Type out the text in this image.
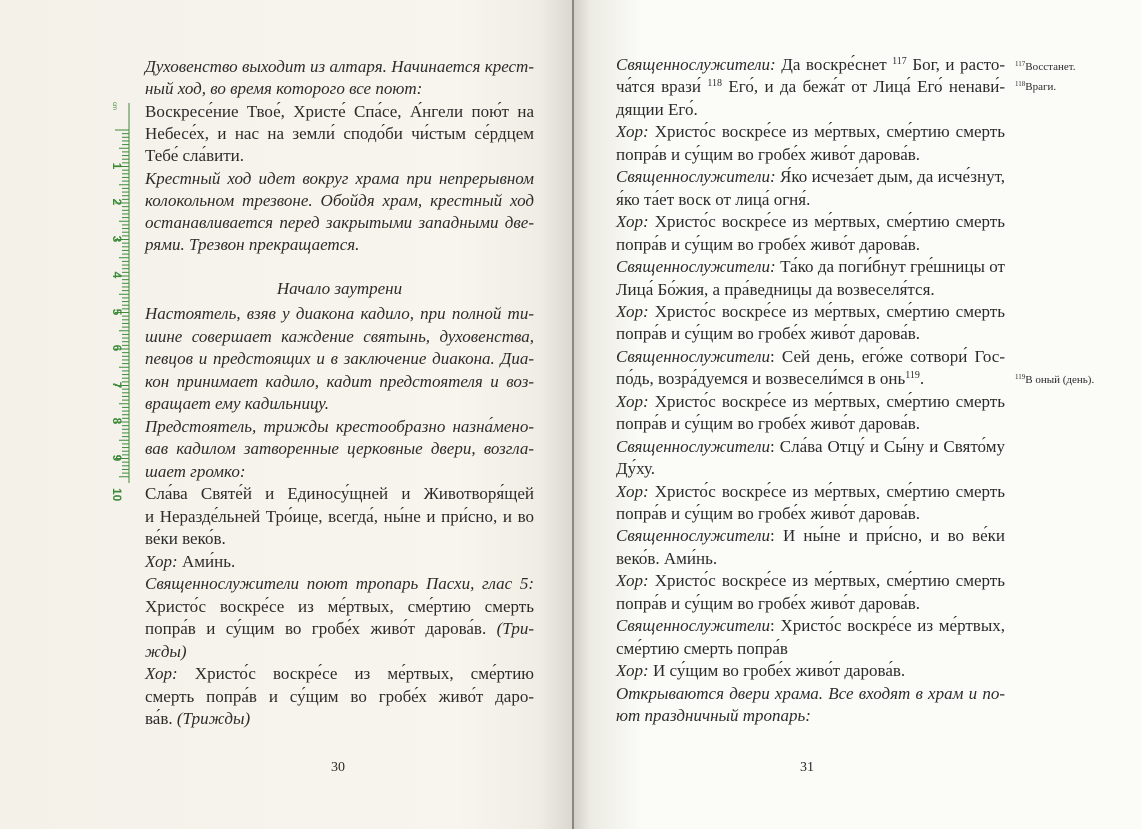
cm
1
2
3
4
5
6
7
8
9
10
Духовенство выходит из алтаря. Начинается крест-
ный ход, во время которого все поют:
Воскресе́ние Твое́, Христе́ Спа́се, А́нгели пою́т на
Небесе́х, и нас на земли́ сподо́би чи́стым се́рдцем
Тебе́ сла́вити.
Крестный ход идет вокруг храма при непрерывном
колокольном трезвоне. Обойдя храм, крестный ход
останавливается перед закрытыми западными две-
рями. Трезвон прекращается.
Начало заутрени
Настоятель, взяв у диакона кадило, при полной ти-
шине совершает каждение святынь, духовенства,
певцов и предстоящих и в заключение диакона. Диа-
кон принимает кадило, кадит предстоятеля и воз-
вращает ему кадильницу.
Предстоятель, трижды крестообразно назна́мено-
вав кадилом затворенные церковные двери, возгла-
шает громко:
Сла́ва Святе́й и Единосу́щней и Животворя́щей
и Неразде́льней Тро́ице, всегда́, ны́не и при́сно, и во
ве́ки веко́в.
Хор: Ами́нь.
Священнослужители поют тропарь Пасхи, глас 5:
Христо́с воскре́се из ме́ртвых, сме́ртию смерть
попра́в и су́щим во гробе́х живо́т дарова́в. (Три-
жды)
Хор: Христо́с воскре́се из ме́ртвых, сме́ртию
смерть попра́в и су́щим во гробе́х живо́т даро-
ва́в. (Трижды)
Священнослужители: Да воскре́снет $^{117}$ Бог, и расто-
ча́тся врази́ $^{118}$ Его́, и да бежа́т от Лица́ Его́ ненави́-
дящии Его́.
Хор: Христо́с воскре́се из ме́ртвых, сме́ртию смерть
попра́в и су́щим во гробе́х живо́т дарова́в.
Священнослужители: Я́ко исчеза́ет дым, да исче́знут,
я́ко та́ет воск от лица́ огня́.
Хор: Христо́с воскре́се из ме́ртвых, сме́ртию смерть
попра́в и су́щим во гробе́х живо́т дарова́в.
Священнослужители: Та́ко да поги́бнут гре́шницы от
Лица́ Бо́жия, а пра́ведницы да возвеселя́тся.
Хор: Христо́с воскре́се из ме́ртвых, сме́ртию смерть
попра́в и су́щим во гробе́х живо́т дарова́в.
Священнослужители: Сей день, его́же сотвори́ Гос-
по́дь, возра́дуемся и возвесели́мся в онь$^{119}$.
Хор: Христо́с воскре́се из ме́ртвых, сме́ртию смерть
попра́в и су́щим во гробе́х живо́т дарова́в.
Священнослужители: Сла́ва Отцу́ и Сы́ну и Свято́му
Ду́ху.
Хор: Христо́с воскре́се из ме́ртвых, сме́ртию смерть
попра́в и су́щим во гробе́х живо́т дарова́в.
Священнослужители: И ны́не и при́сно, и во ве́ки
веко́в. Ами́нь.
Хор: Христо́с воскре́се из ме́ртвых, сме́ртию смерть
попра́в и су́щим во гробе́х живо́т дарова́в.
Священнослужители: Христо́с воскре́се из ме́ртвых,
сме́ртию смерть попра́в
Хор: И су́щим во гробе́х живо́т дарова́в.
Открываются двери храма. Все входят в храм и по-
ют праздничный тропарь:
$^{117}$Восстанет.
$^{118}$Враги.
$^{119}$В оный (день).
30	31
